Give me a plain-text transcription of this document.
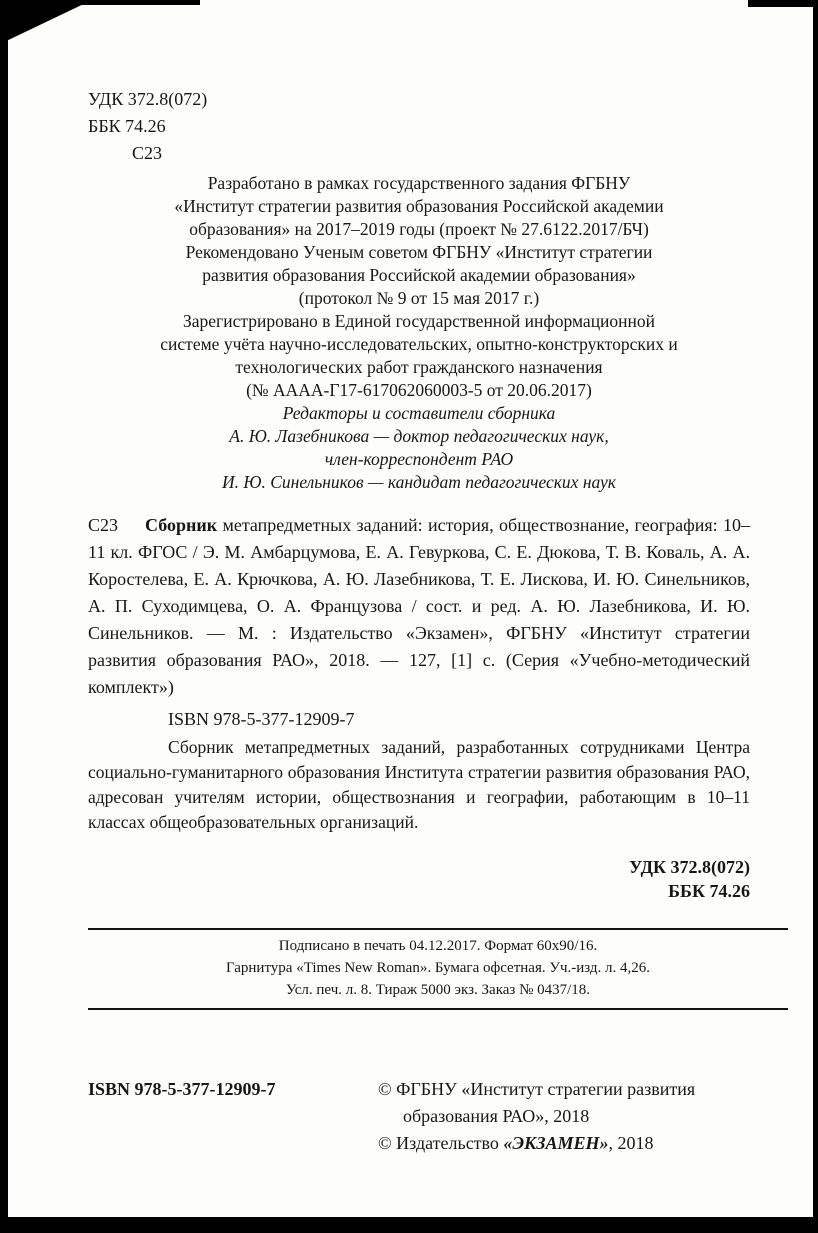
УДК 372.8(072)
ББК 74.26
С23
Разработано в рамках государственного задания ФГБНУ
«Институт стратегии развития образования Российской академии
образования» на 2017–2019 годы (проект № 27.6122.2017/БЧ)
Рекомендовано Ученым советом ФГБНУ «Институт стратегии
развития образования Российской академии образования»
(протокол № 9 от 15 мая 2017 г.)
Зарегистрировано в Единой государственной информационной
системе учёта научно-исследовательских, опытно-конструкторских и
технологических работ гражданского назначения
(№ АААА-Г17-617062060003-5 от 20.06.2017)
Редакторы и составители сборника
А. Ю. Лазебникова — доктор педагогических наук,
член-корреспондент РАО
И. Ю. Синельников — кандидат педагогических наук
С23	Сборник метапредметных заданий: история, обществознание, география: 10–11 кл. ФГОС / Э. М. Амбарцумова, Е. А. Гевуркова, С. Е. Дюкова, Т. В. Коваль, А. А. Коростелева, Е. А. Крючкова, А. Ю. Лазебникова, Т. Е. Лискова, И. Ю. Синельников, А. П. Суходимцева, О. А. Французова / сост. и ред. А. Ю. Лазебникова, И. Ю. Синельников. — М. : Издательство «Экзамен», ФГБНУ «Институт стратегии развития образования РАО», 2018. — 127, [1] с. (Серия «Учебно-методический комплект»)

ISBN 978-5-377-12909-7

Сборник метапредметных заданий, разработанных сотрудниками Центра социально-гуманитарного образования Института стратегии развития образования РАО, адресован учителям истории, обществознания и географии, работающим в 10–11 классах общеобразовательных организаций.

УДК 372.8(072)
ББК 74.26
Подписано в печать 04.12.2017. Формат 60х90/16.
Гарнитура «Times New Roman». Бумага офсетная. Уч.-изд. л. 4,26.
Усл. печ. л. 8. Тираж 5000 экз. Заказ № 0437/18.
ISBN 978-5-377-12909-7	© ФГБНУ «Институт стратегии развития
образования РАО», 2018
© Издательство «ЭКЗАМЕН», 2018
